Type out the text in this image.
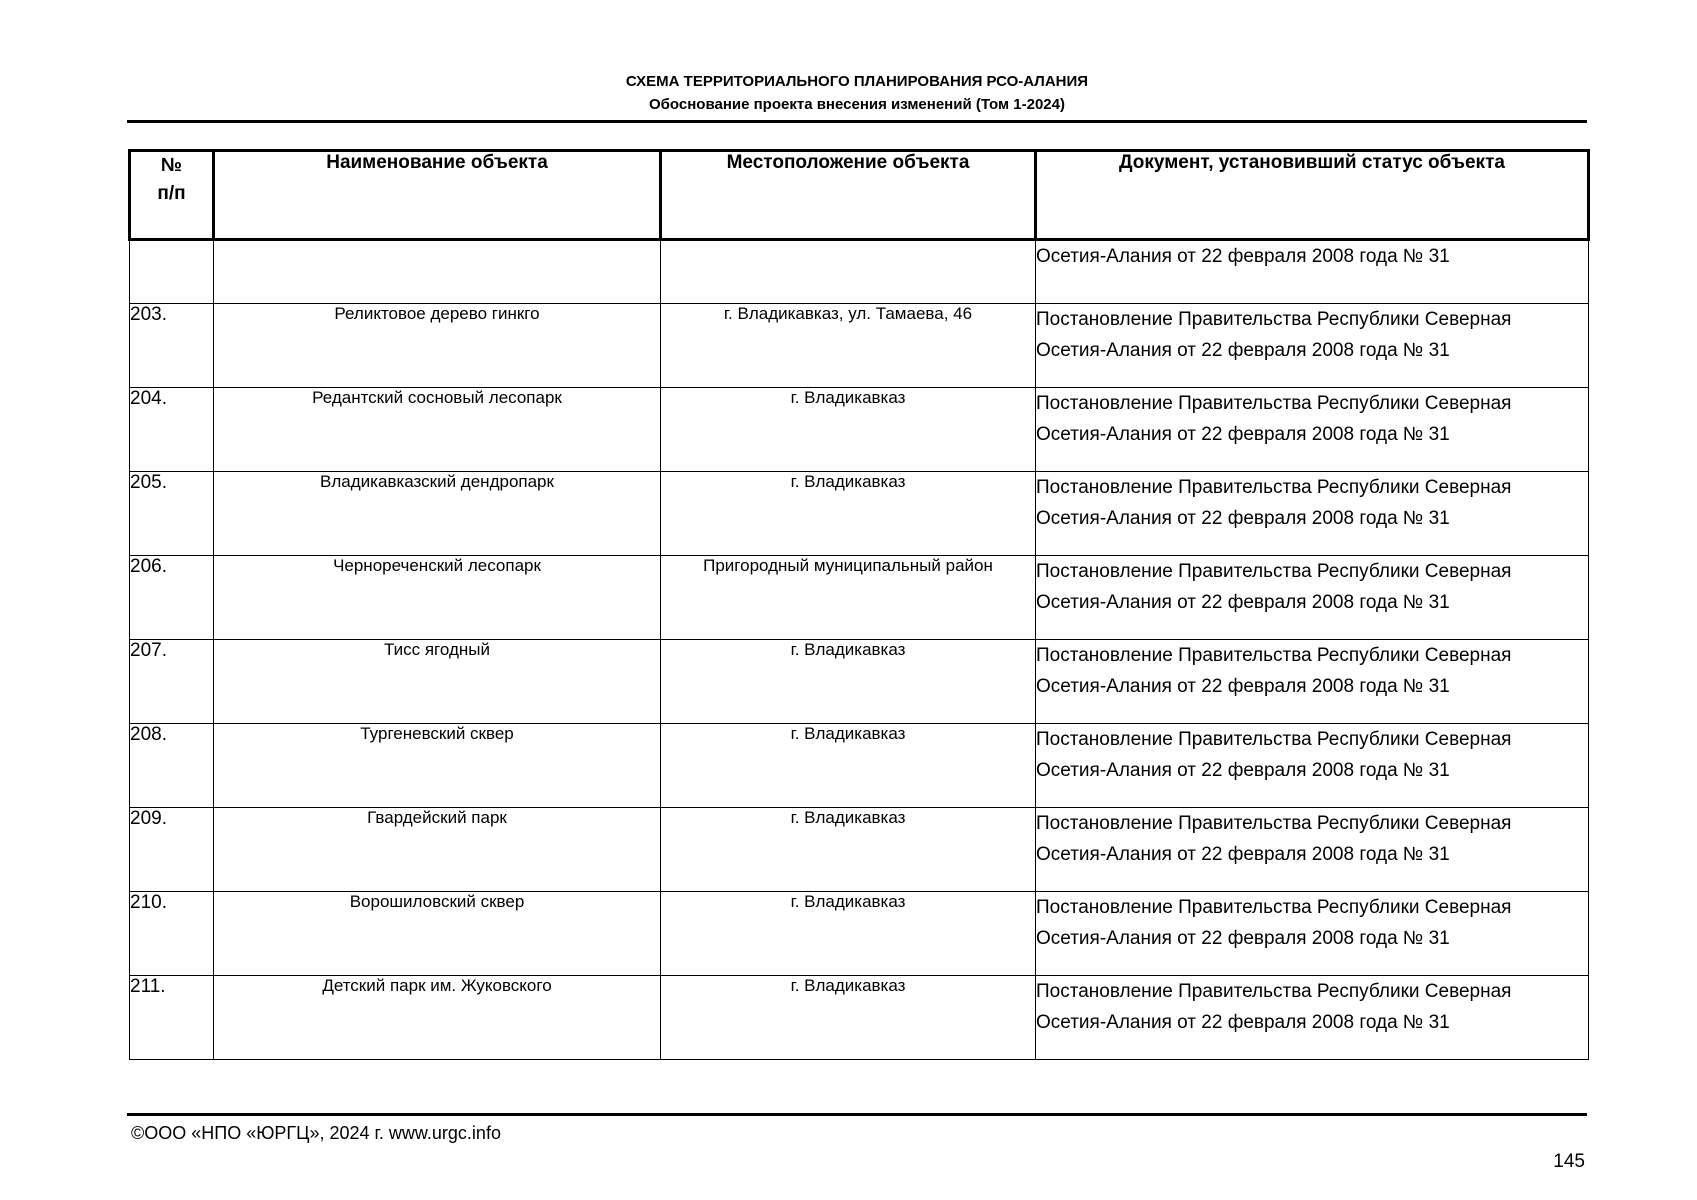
СХЕМА ТЕРРИТОРИАЛЬНОГО ПЛАНИРОВАНИЯ РСО-АЛАНИЯ
Обоснование проекта внесения изменений (Том 1-2024)
№
п/п	Наименование объекта	Местоположение объекта	Документ, установивший статус объекта

			Осетия-Алания от 22 февраля 2008 года № 31

203.	Реликтовое дерево гинкго	г. Владикавказ, ул. Тамаева, 46	Постановление Правительства Республики Северная
Осетия-Алания от 22 февраля 2008 года № 31

204.	Редантский сосновый лесопарк	г. Владикавказ	Постановление Правительства Республики Северная
Осетия-Алания от 22 февраля 2008 года № 31

205.	Владикавказский дендропарк	г. Владикавказ	Постановление Правительства Республики Северная
Осетия-Алания от 22 февраля 2008 года № 31

206.	Чернореченский лесопарк	Пригородный муниципальный район	Постановление Правительства Республики Северная
Осетия-Алания от 22 февраля 2008 года № 31

207.	Тисс ягодный	г. Владикавказ	Постановление Правительства Республики Северная
Осетия-Алания от 22 февраля 2008 года № 31

208.	Тургеневский сквер	г. Владикавказ	Постановление Правительства Республики Северная
Осетия-Алания от 22 февраля 2008 года № 31

209.	Гвардейский парк	г. Владикавказ	Постановление Правительства Республики Северная
Осетия-Алания от 22 февраля 2008 года № 31

210.	Ворошиловский сквер	г. Владикавказ	Постановление Правительства Республики Северная
Осетия-Алания от 22 февраля 2008 года № 31

211.	Детский парк им. Жуковского	г. Владикавказ	Постановление Правительства Республики Северная
Осетия-Алания от 22 февраля 2008 года № 31
©ООО «НПО «ЮРГЦ», 2024 г. www.urgc.info
145
